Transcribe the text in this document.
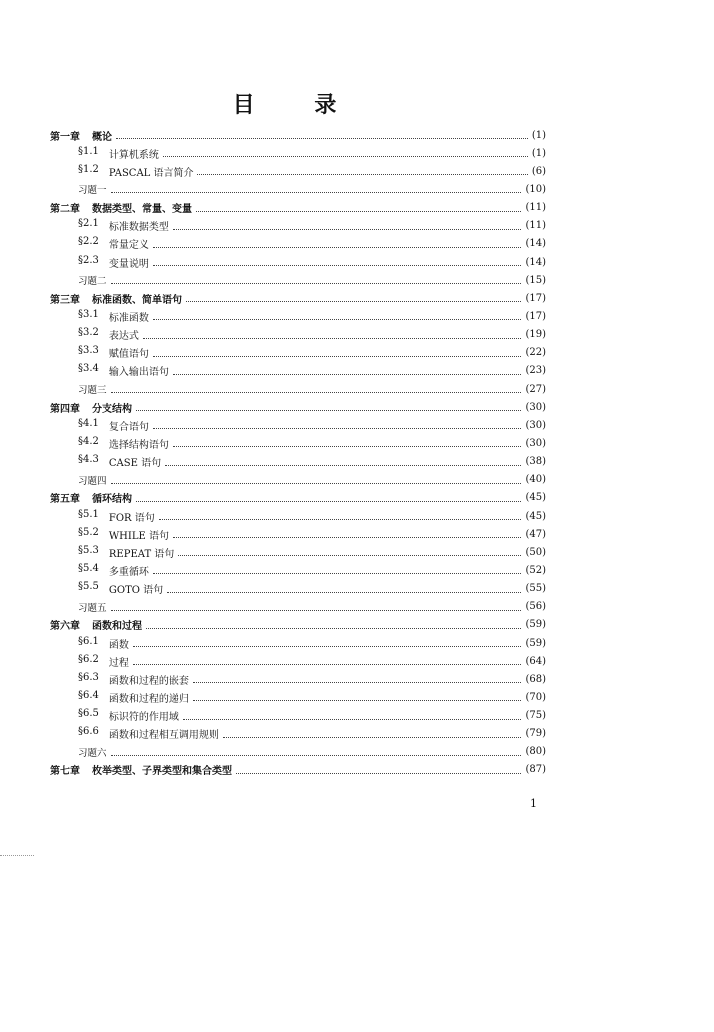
目 录
第一章 概论	(1)
§1.1 计算机系统	(1)
§1.2 PASCAL 语言简介	(6)
习题一	(10)
第二章 数据类型、常量、变量	(11)
§2.1 标准数据类型	(11)
§2.2 常量定义	(14)
§2.3 变量说明	(14)
习题二	(15)
第三章 标准函数、简单语句	(17)
§3.1 标准函数	(17)
§3.2 表达式	(19)
§3.3 赋值语句	(22)
§3.4 输入输出语句	(23)
习题三	(27)
第四章 分支结构	(30)
§4.1 复合语句	(30)
§4.2 选择结构语句	(30)
§4.3 CASE 语句	(38)
习题四	(40)
第五章 循环结构	(45)
§5.1 FOR 语句	(45)
§5.2 WHILE 语句	(47)
§5.3 REPEAT 语句	(50)
§5.4 多重循环	(52)
§5.5 GOTO 语句	(55)
习题五	(56)
第六章 函数和过程	(59)
§6.1 函数	(59)
§6.2 过程	(64)
§6.3 函数和过程的嵌套	(68)
§6.4 函数和过程的递归	(70)
§6.5 标识符的作用域	(75)
§6.6 函数和过程相互调用规则	(79)
习题六	(80)
第七章 枚举类型、子界类型和集合类型	(87)
1
